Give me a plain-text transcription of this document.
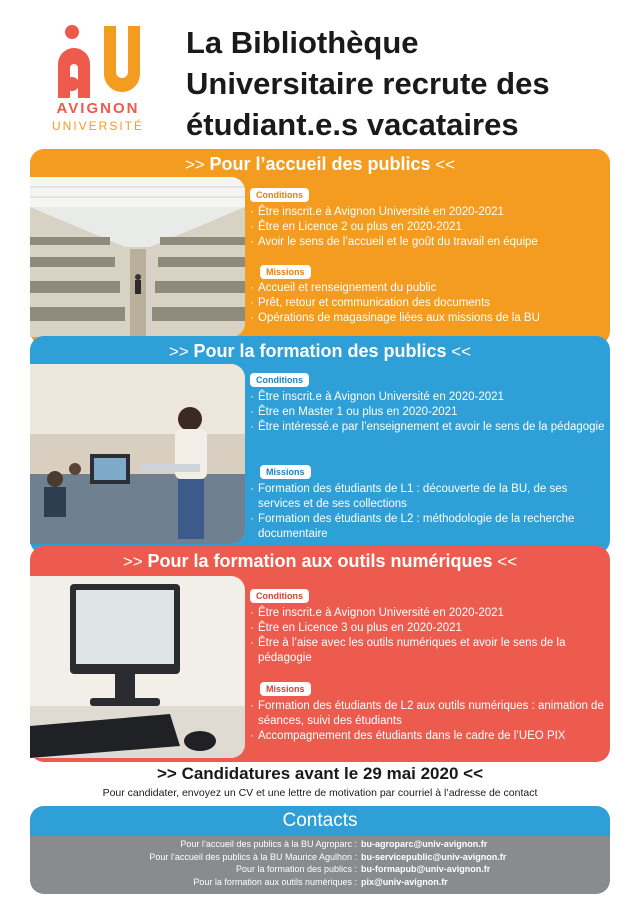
AVIGNON
UNIVERSITÉ
La Bibliothèque
Universitaire recrute des
étudiant.e.s vacataires
>> Pour l’accueil des publics <<
Conditions
· Être inscrit.e à Avignon Université en 2020-2021
· Être en Licence 2 ou plus en 2020-2021
· Avoir le sens de l’accueil et le goût du travail en équipe
Missions
· Accueil et renseignement du public
· Prêt, retour et communication des documents
· Opérations de magasinage liées aux missions de la BU
>> Pour la formation des publics <<
Conditions
· Être inscrit.e à Avignon Université en 2020-2021
· Être en Master 1 ou plus en 2020-2021
· Être intéressé.e par l’enseignement et avoir le sens de la pédagogie
Missions
· Formation des étudiants de L1 : découverte de la BU, de ses services et de ses collections
· Formation des étudiants de L2 : méthodologie de la recherche documentaire
>> Pour la formation aux outils numériques <<
Conditions
· Être inscrit.e à Avignon Université en 2020-2021
· Être en Licence 3 ou plus en 2020-2021
· Être à l’aise avec les outils numériques et avoir le sens de la pédagogie
Missions
· Formation des étudiants de L2 aux outils numériques : animation de séances, suivi des étudiants
· Accompagnement des étudiants dans le cadre de l’UEO PIX
>> Candidatures avant le 29 mai 2020 <<
Pour candidater, envoyez un CV et une lettre de motivation par courriel à l’adresse de contact
Contacts
Pour l’accueil des publics à la BU Agroparc : bu-agroparc@univ-avignon.fr
Pour l’accueil des publics à la BU Maurice Agulhon : bu-servicepublic@univ-avignon.fr
Pour la formation des publics : bu-formapub@univ-avignon.fr
Pour la formation aux outils numériques : pix@univ-avignon.fr
